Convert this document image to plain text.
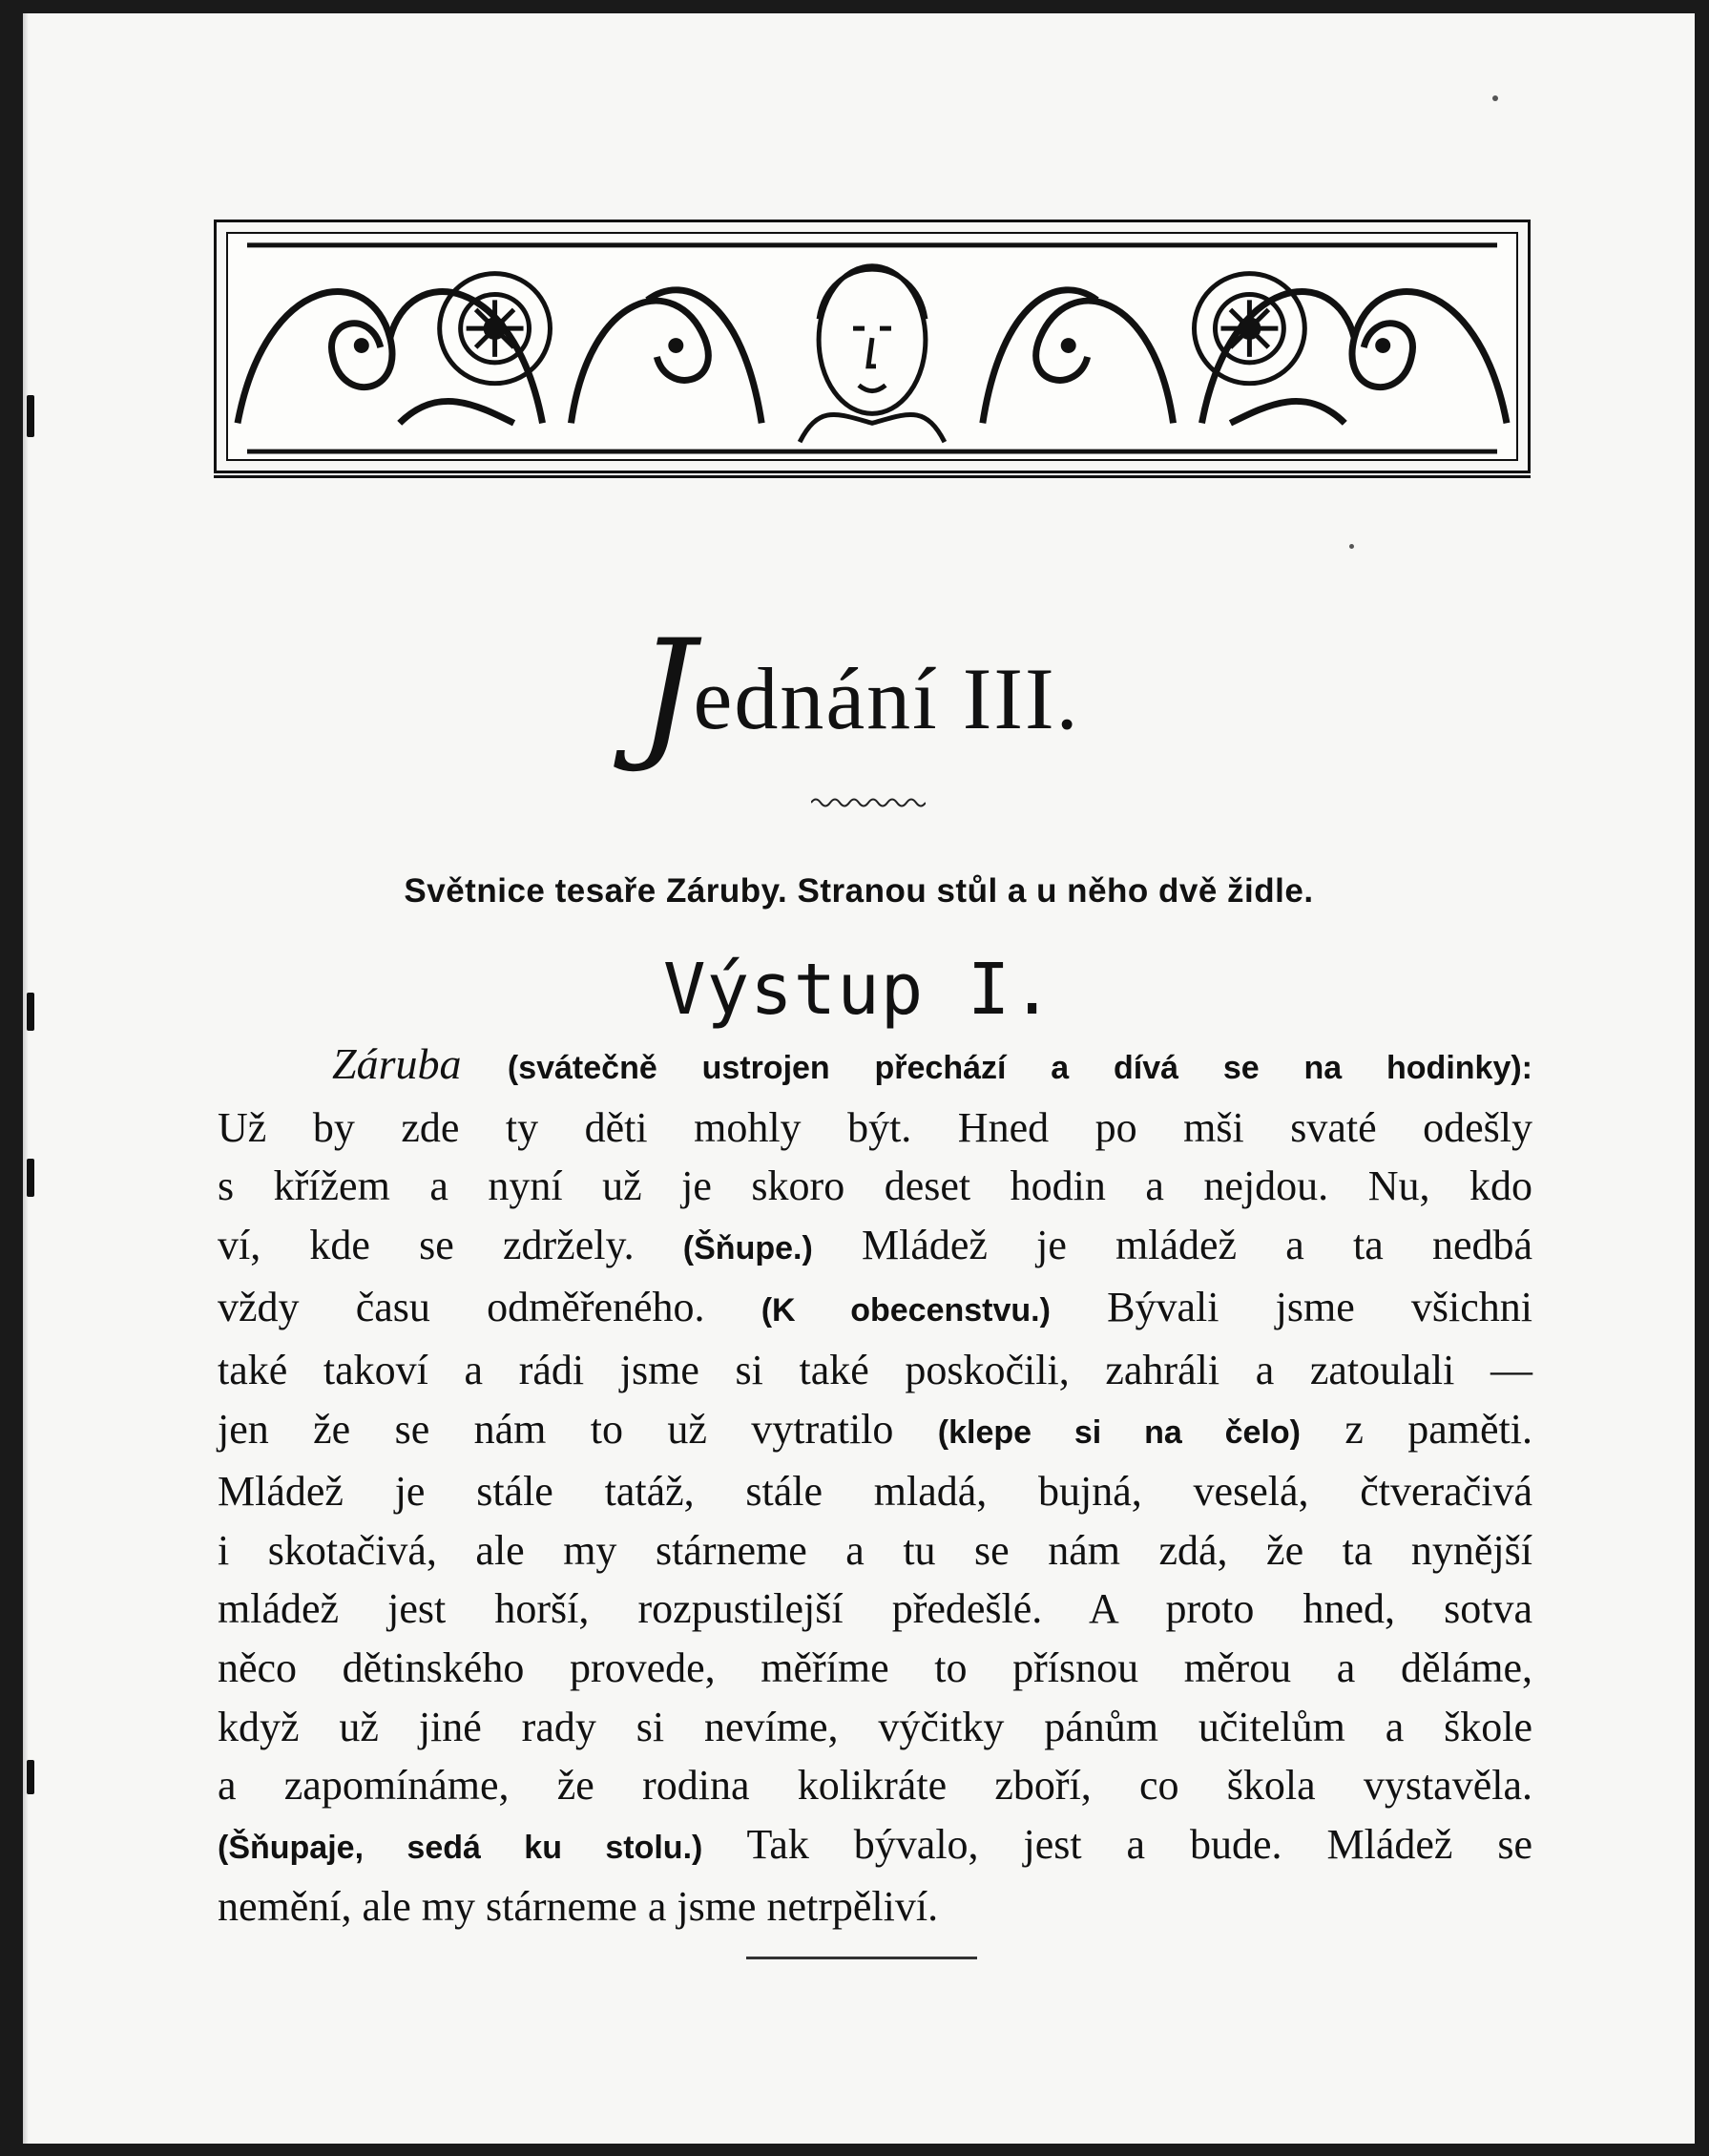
Jednání III.
Světnice tesaře Záruby. Stranou stůl a u něho dvě židle.
Výstup I.
Záruba (svátečně ustrojen přechází a dívá se na hodinky):
Už by zde ty děti mohly být. Hned po mši svaté odešly
s křížem a nyní už je skoro deset hodin a nejdou. Nu, kdo
ví, kde se zdržely. (Šňupe.) Mládež je mládež a ta nedbá
vždy času odměřeného. (K obecenstvu.) Bývali jsme všichni
také takoví a rádi jsme si také poskočili, zahráli a zatoulali —
jen že se nám to už vytratilo (klepe si na čelo) z paměti.
Mládež je stále tatáž, stále mladá, bujná, veselá, čtveračivá
i skotačivá, ale my stárneme a tu se nám zdá, že ta nynější
mládež jest horší, rozpustilejší předešlé. A proto hned, sotva
něco dětinského provede, měříme to přísnou měrou a děláme,
když už jiné rady si nevíme, výčitky pánům učitelům a škole
a zapomínáme, že rodina kolikráte zboří, co škola vystavěla.
(Šňupaje, sedá ku stolu.) Tak bývalo, jest a bude. Mládež se
nemění, ale my stárneme a jsme netrpěliví.
